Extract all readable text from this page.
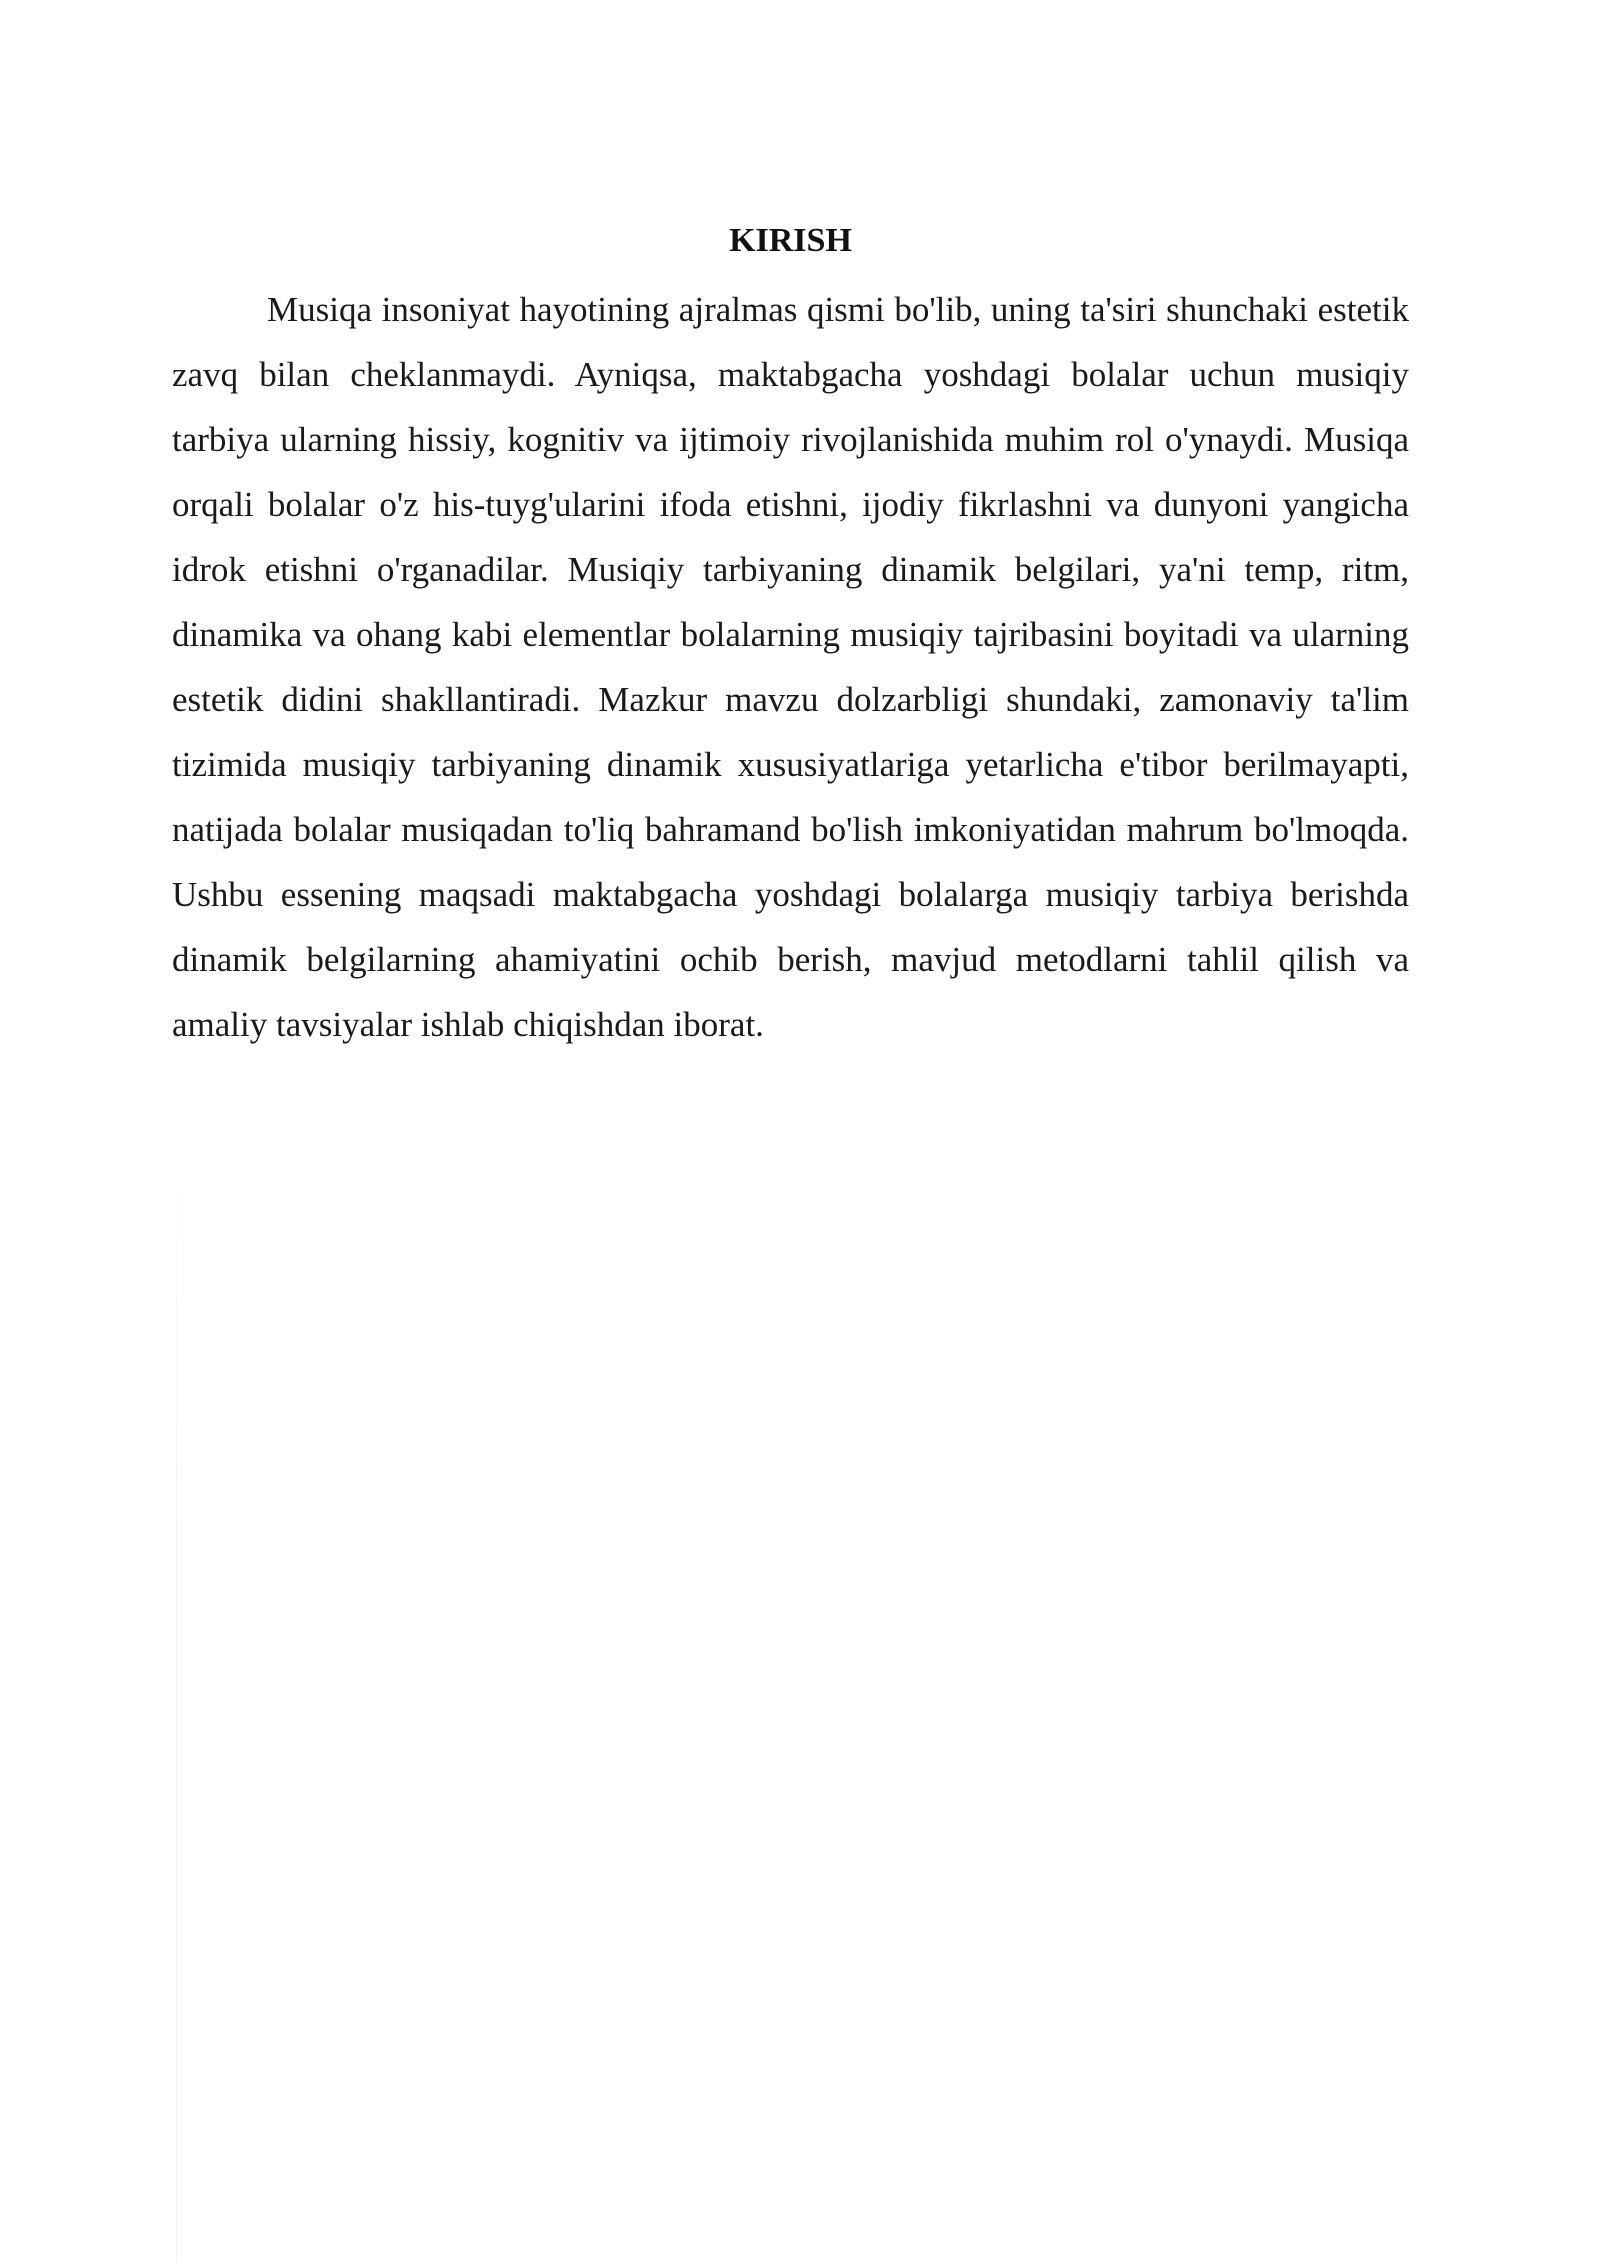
KIRISH

Musiqa insoniyat hayotining ajralmas qismi bo'lib, uning ta'siri shunchaki estetik zavq bilan cheklanmaydi. Ayniqsa, maktabgacha yoshdagi bolalar uchun musiqiy tarbiya ularning hissiy, kognitiv va ijtimoiy rivojlanishida muhim rol o'ynaydi. Musiqa orqali bolalar o'z his-tuyg'ularini ifoda etishni, ijodiy fikrlashni va dunyoni yangicha idrok etishni o'rganadilar. Musiqiy tarbiyaning dinamik belgilari, ya'ni temp, ritm, dinamika va ohang kabi elementlar bolalarning musiqiy tajribasini boyitadi va ularning estetik didini shakllantiradi. Mazkur mavzu dolzarbligi shundaki, zamonaviy ta'lim tizimida musiqiy tarbiyaning dinamik xususiyatlariga yetarlicha e'tibor berilmayapti, natijada bolalar musiqadan to'liq bahramand bo'lish imkoniyatidan mahrum bo'lmoqda. Ushbu essening maqsadi maktabgacha yoshdagi bolalarga musiqiy tarbiya berishda dinamik belgilarning ahamiyatini ochib berish, mavjud metodlarni tahlil qilish va amaliy tavsiyalar ishlab chiqishdan iborat.
